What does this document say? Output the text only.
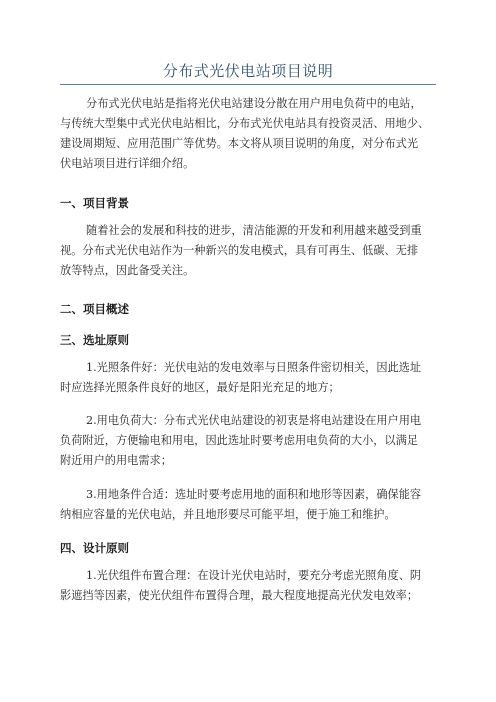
分布式光伏电站项目说明
分布式光伏电站是指将光伏电站建设分散在用户用电负荷中的电站，
与传统大型集中式光伏电站相比，分布式光伏电站具有投资灵活、用地少、
建设周期短、应用范围广等优势。本文将从项目说明的角度，对分布式光
伏电站项目进行详细介绍。
一、项目背景
随着社会的发展和科技的进步，清洁能源的开发和利用越来越受到重
视。分布式光伏电站作为一种新兴的发电模式，具有可再生、低碳、无排
放等特点，因此备受关注。
二、项目概述
三、选址原则
1.光照条件好：光伏电站的发电效率与日照条件密切相关，因此选址
时应选择光照条件良好的地区，最好是阳光充足的地方；
2.用电负荷大：分布式光伏电站建设的初衷是将电站建设在用户用电
负荷附近，方便输电和用电，因此选址时要考虑用电负荷的大小，以满足
附近用户的用电需求；
3.用地条件合适：选址时要考虑用地的面积和地形等因素，确保能容
纳相应容量的光伏电站，并且地形要尽可能平坦，便于施工和维护。
四、设计原则
1.光伏组件布置合理：在设计光伏电站时，要充分考虑光照角度、阴
影遮挡等因素，使光伏组件布置得合理，最大程度地提高光伏发电效率；
